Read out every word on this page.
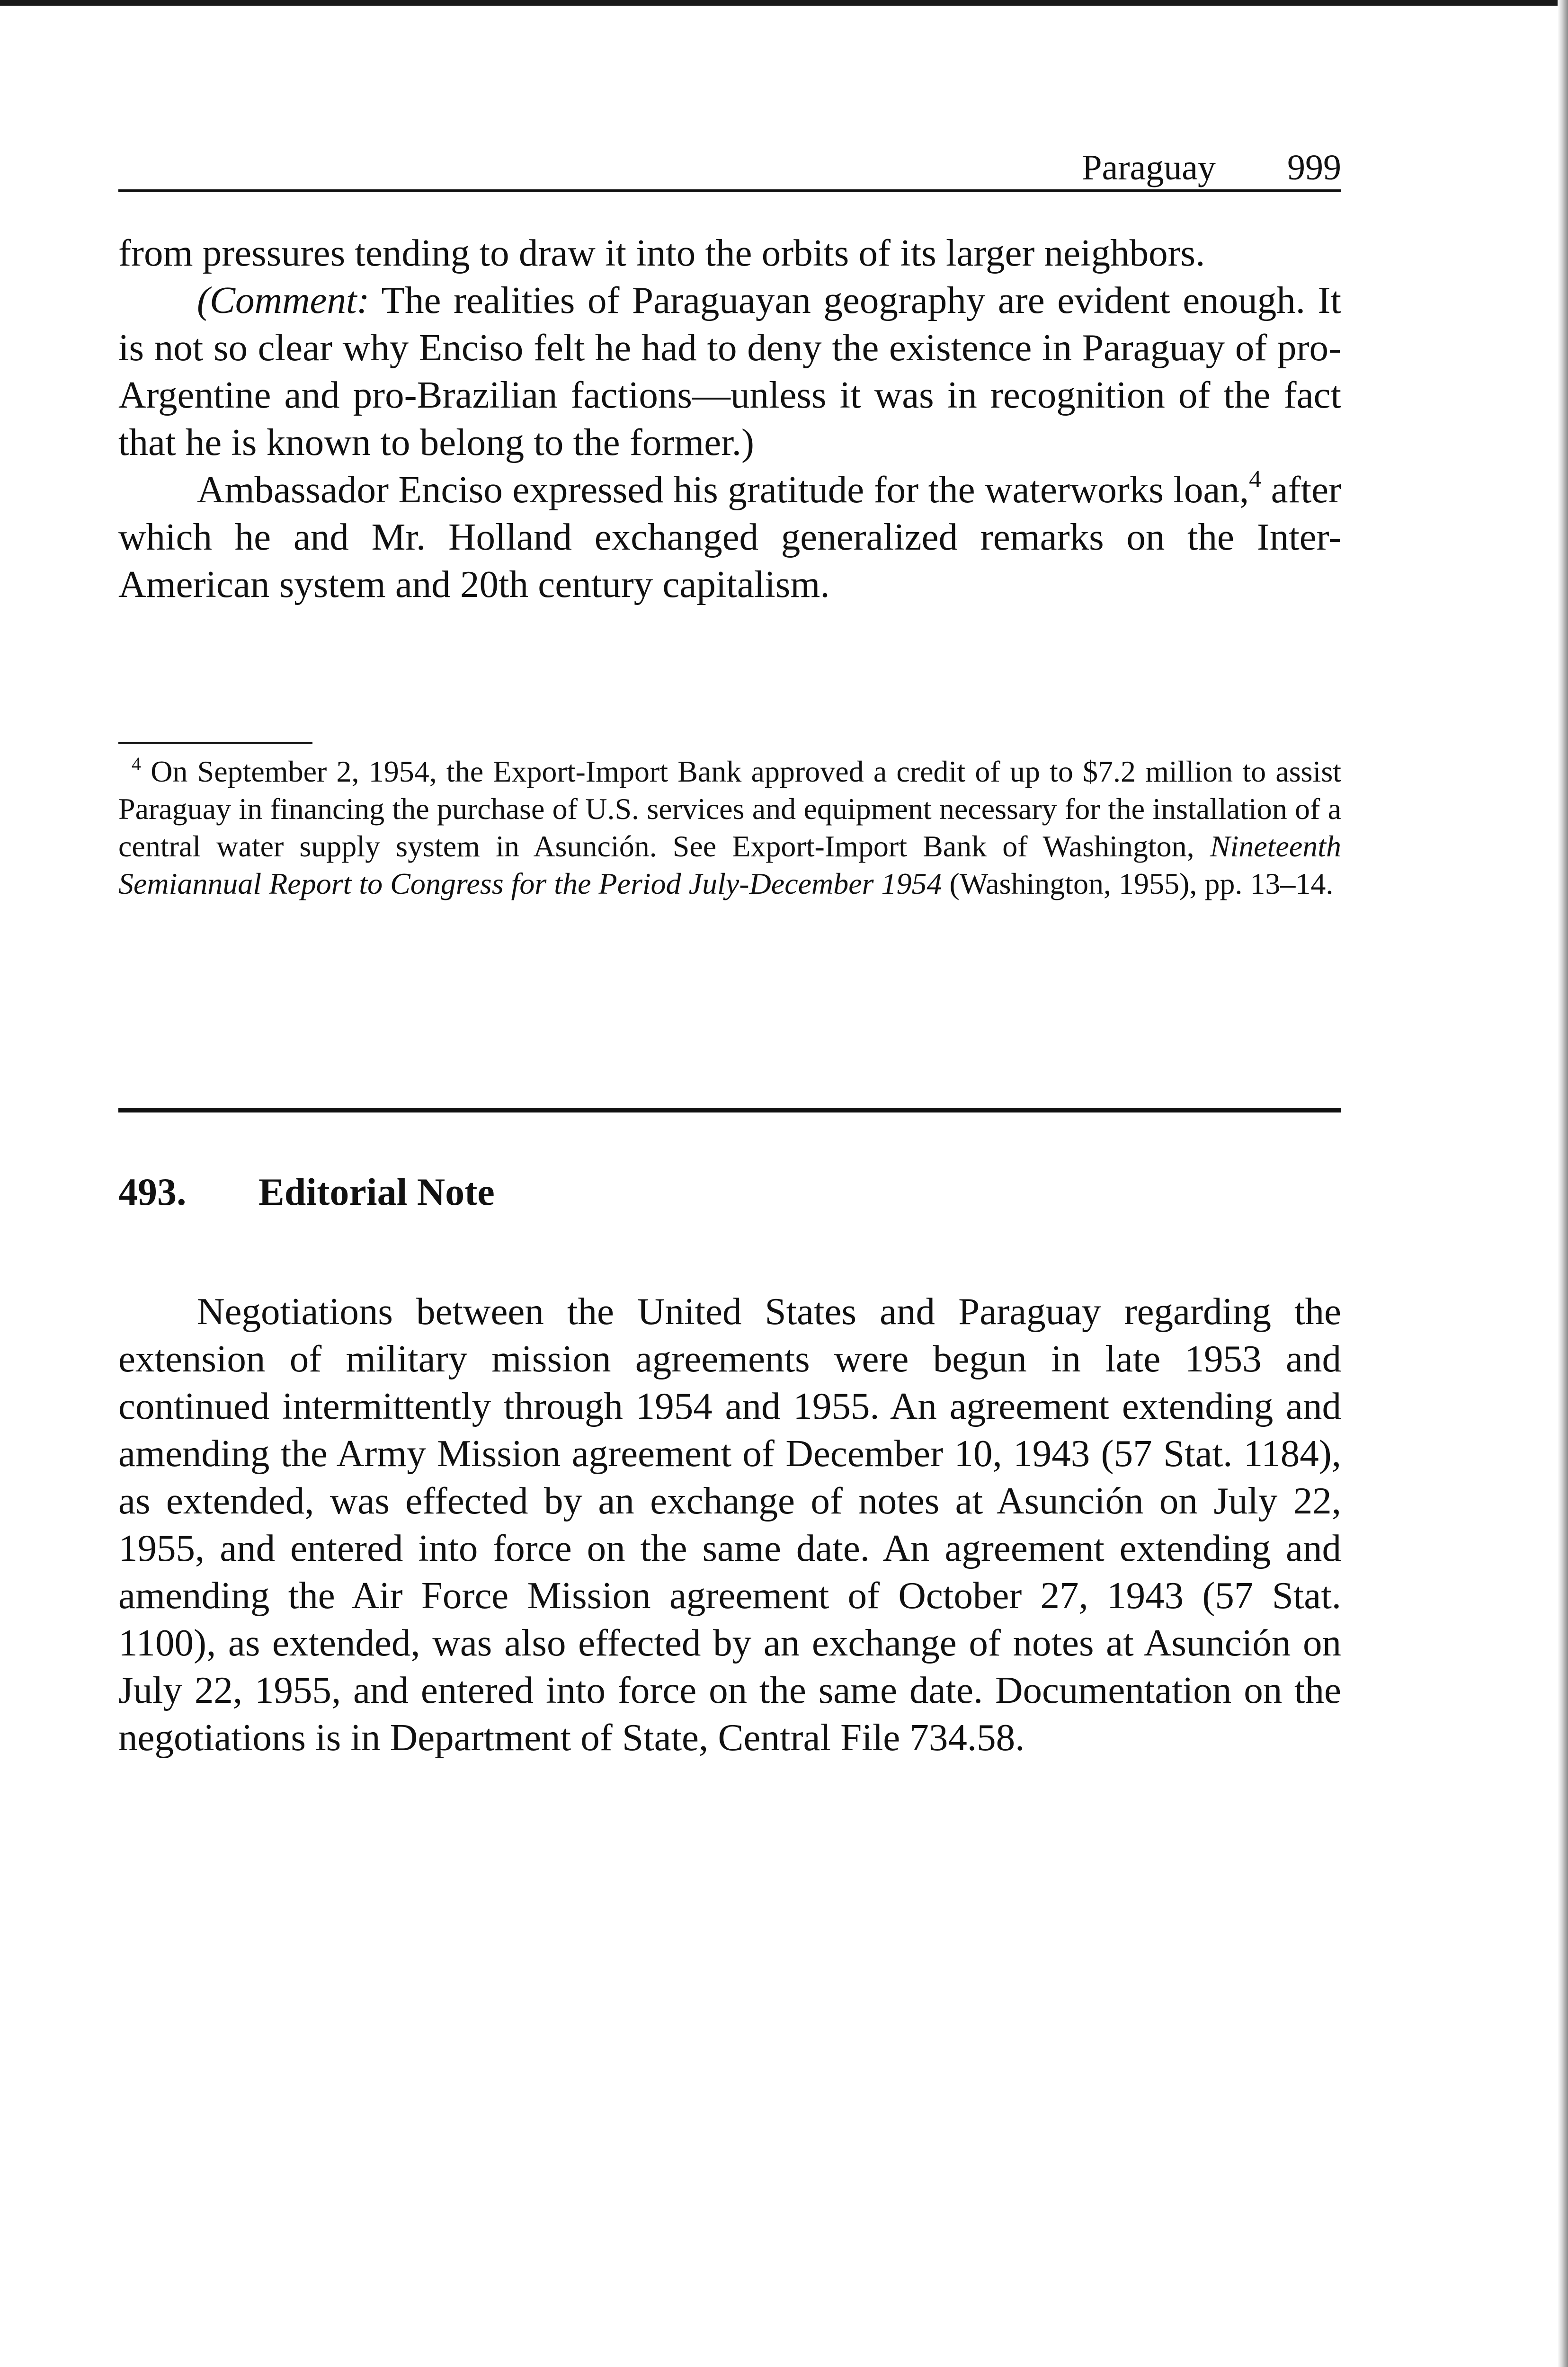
Paraguay 999

from pressures tending to draw it into the orbits of its larger neighbors.

(Comment: The realities of Paraguayan geography are evident enough. It is not so clear why Enciso felt he had to deny the existence in Paraguay of pro-Argentine and pro-Brazilian factions—unless it was in recognition of the fact that he is known to belong to the former.)

Ambassador Enciso expressed his gratitude for the waterworks loan,$^4$ after which he and Mr. Holland exchanged generalized remarks on the Inter-American system and 20th century capitalism.

$^4$ On September 2, 1954, the Export-Import Bank approved a credit of up to $7.2 million to assist Paraguay in financing the purchase of U.S. services and equipment necessary for the installation of a central water supply system in Asunción. See Export-Import Bank of Washington, Nineteenth Semiannual Report to Congress for the Period July-December 1954 (Washington, 1955), pp. 13–14.

493.	Editorial Note

Negotiations between the United States and Paraguay regarding the extension of military mission agreements were begun in late 1953 and continued intermittently through 1954 and 1955. An agreement extending and amending the Army Mission agreement of December 10, 1943 (57 Stat. 1184), as extended, was effected by an exchange of notes at Asunción on July 22, 1955, and entered into force on the same date. An agreement extending and amending the Air Force Mission agreement of October 27, 1943 (57 Stat. 1100), as extended, was also effected by an exchange of notes at Asunción on July 22, 1955, and entered into force on the same date. Documentation on the negotiations is in Department of State, Central File 734.58.
